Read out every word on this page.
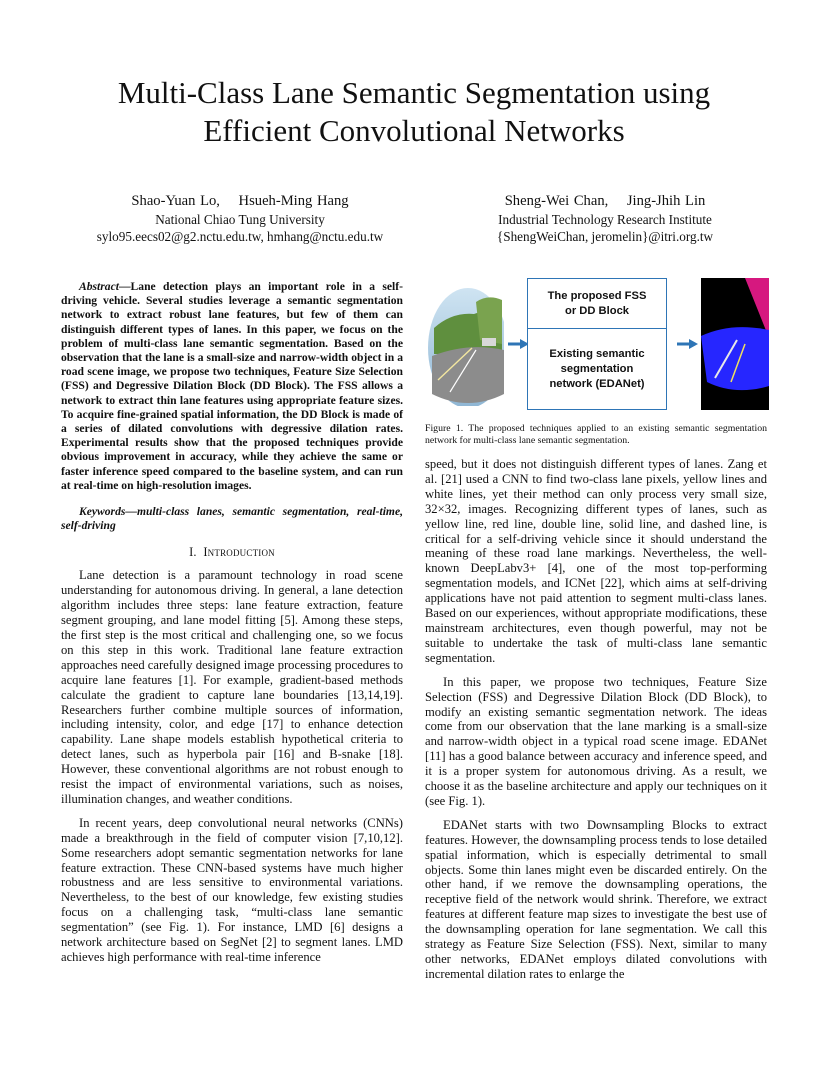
Multi-Class Lane Semantic Segmentation using
Efficient Convolutional Networks
Shao-Yuan Lo,    Hsueh-Ming Hang
National Chiao Tung University
sylo95.eecs02@g2.nctu.edu.tw, hmhang@nctu.edu.tw
Sheng-Wei Chan,    Jing-Jhih Lin
Industrial Technology Research Institute
{ShengWeiChan, jeromelin}@itri.org.tw

Abstract—Lane detection plays an important role in a self-driving vehicle. Several studies leverage a semantic segmentation network to extract robust lane features, but few of them can distinguish different types of lanes. In this paper, we focus on the problem of multi-class lane semantic segmentation. Based on the observation that the lane is a small-size and narrow-width object in a road scene image, we propose two techniques, Feature Size Selection (FSS) and Degressive Dilation Block (DD Block). The FSS allows a network to extract thin lane features using appropriate feature sizes. To acquire fine-grained spatial information, the DD Block is made of a series of dilated convolutions with degressive dilation rates. Experimental results show that the proposed techniques provide obvious improvement in accuracy, while they achieve the same or faster inference speed compared to the baseline system, and can run at real-time on high-resolution images.

Keywords—multi-class lanes, semantic segmentation, real-time, self-driving

I. Introduction

Lane detection is a paramount technology in road scene understanding for autonomous driving. In general, a lane detection algorithm includes three steps: lane feature extraction, feature segment grouping, and lane model fitting [5]. Among these steps, the first step is the most critical and challenging one, so we focus on this step in this work. Traditional lane feature extraction approaches need carefully designed image processing procedures to acquire lane features [1]. For example, gradient-based methods calculate the gradient to capture lane boundaries [13,14,19]. Researchers further combine multiple sources of information, including intensity, color, and edge [17] to enhance detection capability. Lane shape models establish hypothetical criteria to detect lanes, such as hyperbola pair [16] and B-snake [18]. However, these conventional algorithms are not robust enough to resist the impact of environmental variations, such as noises, illumination changes, and weather conditions.

In recent years, deep convolutional neural networks (CNNs) made a breakthrough in the field of computer vision [7,10,12]. Some researchers adopt semantic segmentation networks for lane feature extraction. These CNN-based systems have much higher robustness and are less sensitive to environmental variations. Nevertheless, to the best of our knowledge, few existing studies focus on a challenging task, “multi-class lane semantic segmentation” (see Fig. 1). For instance, LMD [6] designs a network architecture based on SegNet [2] to segment lanes. LMD achieves high performance with real-time inference

The proposed FSS or DD Block
Existing semantic segmentation network (EDANet)
Figure 1. The proposed techniques applied to an existing semantic segmentation network for multi-class lane semantic segmentation.

speed, but it does not distinguish different types of lanes. Zang et al. [21] used a CNN to find two-class lane pixels, yellow lines and white lines, yet their method can only process very small size, 32×32, images. Recognizing different types of lanes, such as yellow line, red line, double line, solid line, and dashed line, is critical for a self-driving vehicle since it should understand the meaning of these road lane markings. Nevertheless, the well-known DeepLabv3+ [4], one of the most top-performing segmentation models, and ICNet [22], which aims at self-driving applications have not paid attention to segment multi-class lanes. Based on our experiences, without appropriate modifications, these mainstream architectures, even though powerful, may not be suitable to undertake the task of multi-class lane semantic segmentation.

In this paper, we propose two techniques, Feature Size Selection (FSS) and Degressive Dilation Block (DD Block), to modify an existing semantic segmentation network. The ideas come from our observation that the lane marking is a small-size and narrow-width object in a typical road scene image. EDANet [11] has a good balance between accuracy and inference speed, and it is a proper system for autonomous driving. As a result, we choose it as the baseline architecture and apply our techniques on it (see Fig. 1).

EDANet starts with two Downsampling Blocks to extract features. However, the downsampling process tends to lose detailed spatial information, which is especially detrimental to small objects. Some thin lanes might even be discarded entirely. On the other hand, if we remove the downsampling operations, the receptive field of the network would shrink. Therefore, we extract features at different feature map sizes to investigate the best use of the downsampling operation for lane segmentation. We call this strategy as Feature Size Selection (FSS). Next, similar to many other networks, EDANet employs dilated convolutions with incremental dilation rates to enlarge the
